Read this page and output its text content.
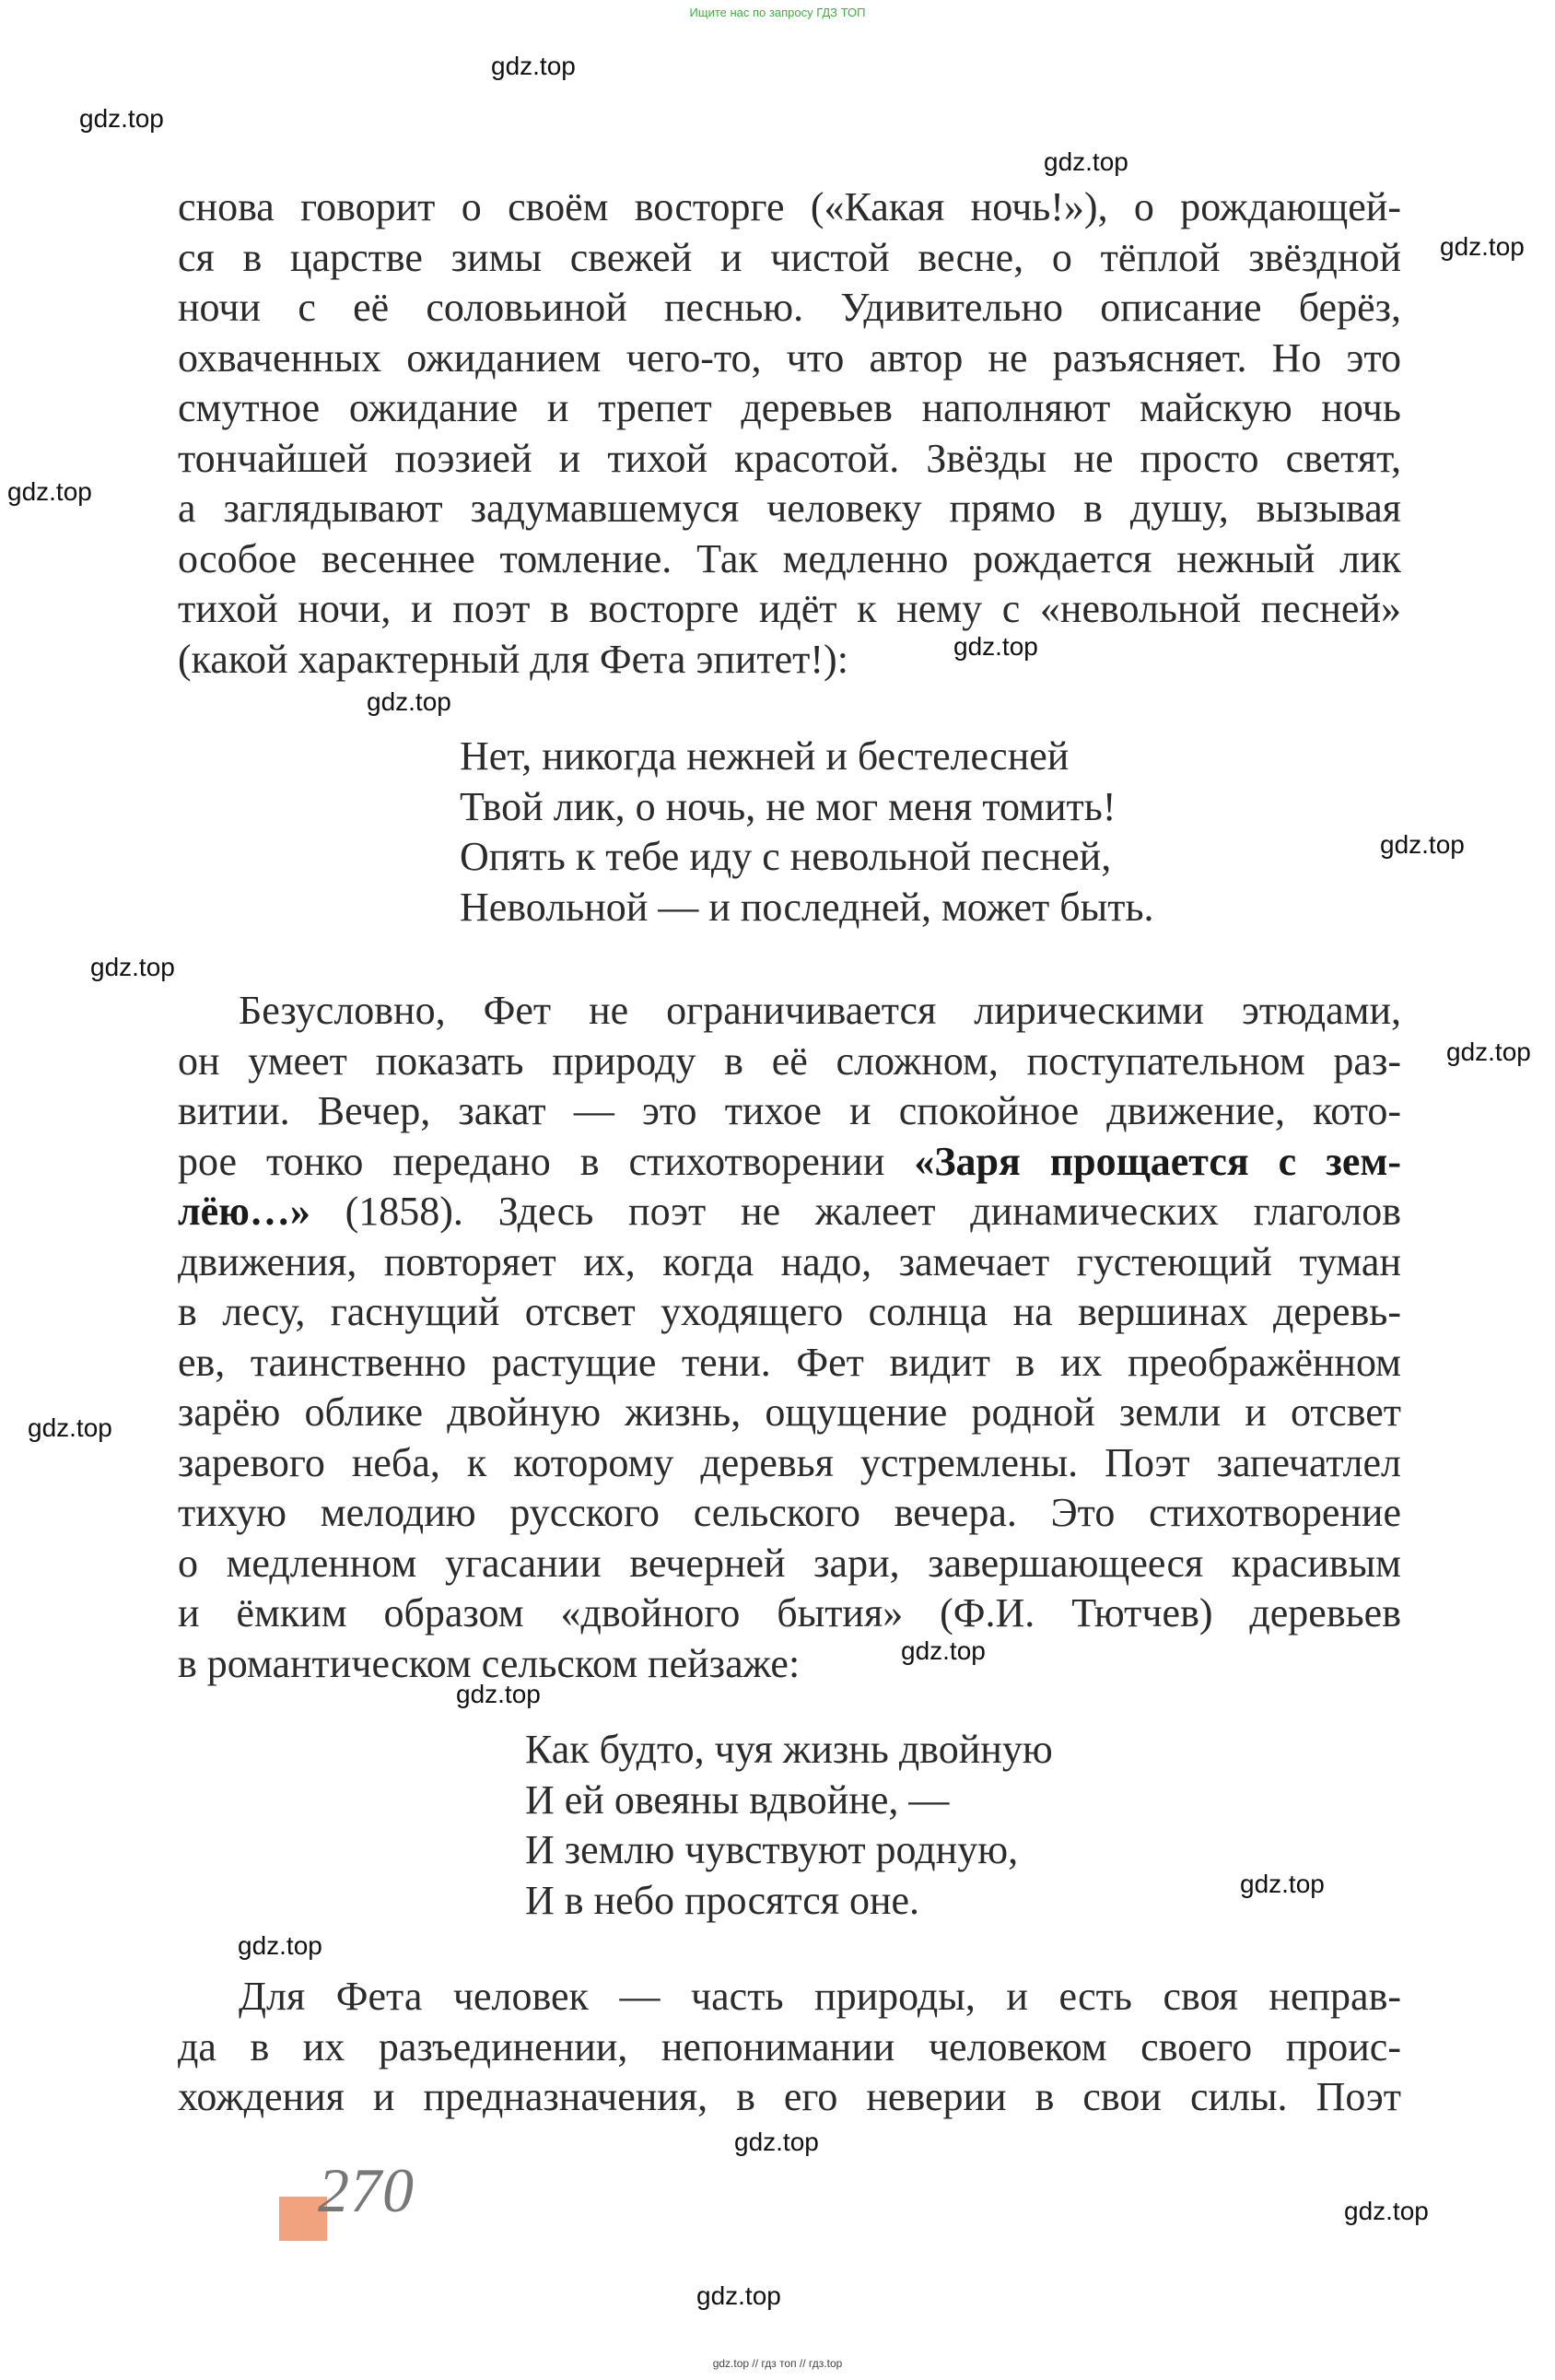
Ищите нас по запросу ГДЗ ТОП
gdz.top
gdz.top
gdz.top
gdz.top
gdz.top
gdz.top
gdz.top
gdz.top
gdz.top
gdz.top
gdz.top
gdz.top
gdz.top
gdz.top
gdz.top
gdz.top
gdz.top
gdz.top
снова говорит о своём восторге («Какая ночь!»), о рождающей-
ся в царстве зимы свежей и чистой весне, о тёплой звёздной
ночи с её соловьиной песнью. Удивительно описание берёз,
охваченных ожиданием чего-то, что автор не разъясняет. Но это
смутное ожидание и трепет деревьев наполняют майскую ночь
тончайшей поэзией и тихой красотой. Звёзды не просто светят,
а заглядывают задумавшемуся человеку прямо в душу, вызывая
особое весеннее томление. Так медленно рождается нежный лик
тихой ночи, и поэт в восторге идёт к нему с «невольной песней»
(какой характерный для Фета эпитет!):
Нет, никогда нежней и бестелесней
Твой лик, о ночь, не мог меня томить!
Опять к тебе иду с невольной песней,
Невольной — и последней, может быть.
Безусловно, Фет не ограничивается лирическими этюдами,
он умеет показать природу в её сложном, поступательном раз-
витии. Вечер, закат — это тихое и спокойное движение, кото-
рое тонко передано в стихотворении «Заря прощается с зем-
лёю…» (1858). Здесь поэт не жалеет динамических глаголов
движения, повторяет их, когда надо, замечает густеющий туман
в лесу, гаснущий отсвет уходящего солнца на вершинах деревь-
ев, таинственно растущие тени. Фет видит в их преображённом
зарёю облике двойную жизнь, ощущение родной земли и отсвет
заревого неба, к которому деревья устремлены. Поэт запечатлел
тихую мелодию русского сельского вечера. Это стихотворение
о медленном угасании вечерней зари, завершающееся красивым
и ёмким образом «двойного бытия» (Ф.И. Тютчев) деревьев
в романтическом сельском пейзаже:
Как будто, чуя жизнь двойную
И ей овеяны вдвойне, —
И землю чувствуют родную,
И в небо просятся оне.
Для Фета человек — часть природы, и есть своя неправ-
да в их разъединении, непонимании человеком своего проис-
хождения и предназначения, в его неверии в свои силы. Поэт
270
gdz.top // гдз топ // гдз.top
